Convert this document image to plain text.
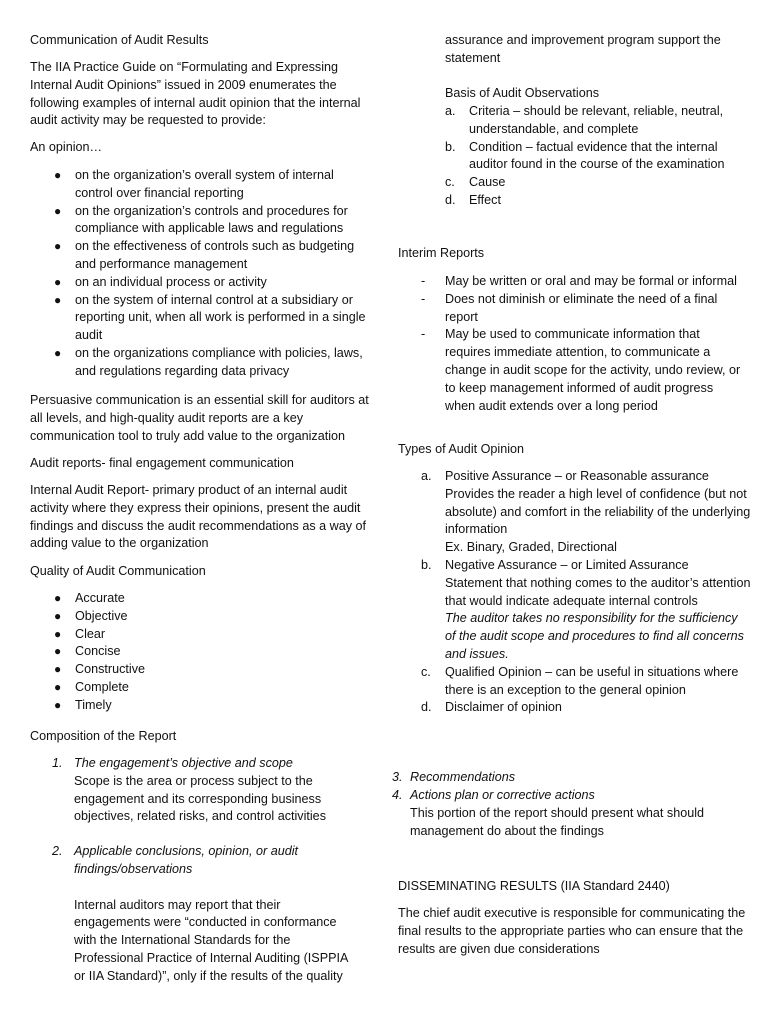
Communication of Audit Results

The IIA Practice Guide on “Formulating and Expressing Internal Audit Opinions” issued in 2009 enumerates the following examples of internal audit opinion that the internal audit activity may be requested to provide:

An opinion…

● on the organization’s overall system of internal control over financial reporting
● on the organization’s controls and procedures for compliance with applicable laws and regulations
● on the effectiveness of controls such as budgeting and performance management
● on an individual process or activity
● on the system of internal control at a subsidiary or reporting unit, when all work is performed in a single audit
● on the organizations compliance with policies, laws, and regulations regarding data privacy

Persuasive communication is an essential skill for auditors at all levels, and high-quality audit reports are a key communication tool to truly add value to the organization

Audit reports- final engagement communication

Internal Audit Report- primary product of an internal audit activity where they express their opinions, present the audit findings and discuss the audit recommendations as a way of adding value to the organization

Quality of Audit Communication

● Accurate
● Objective
● Clear
● Concise
● Constructive
● Complete
● Timely

Composition of the Report

1. The engagement’s objective and scope
Scope is the area or process subject to the engagement and its corresponding business objectives, related risks, and control activities
2. Applicable conclusions, opinion, or audit findings/observations
Internal auditors may report that their engagements were “conducted in conformance with the International Standards for the Professional Practice of Internal Auditing (ISPPIA or IIA Standard)”, only if the results of the quality

assurance and improvement program support the statement

Basis of Audit Observations

a. Criteria – should be relevant, reliable, neutral, understandable, and complete
b. Condition – factual evidence that the internal auditor found in the course of the examination
c. Cause
d. Effect

Interim Reports

- May be written or oral and may be formal or informal
- Does not diminish or eliminate the need of a final report
- May be used to communicate information that requires immediate attention, to communicate a change in audit scope for the activity, undo review, or to keep management informed of audit progress when audit extends over a long period

Types of Audit Opinion

a. Positive Assurance – or Reasonable assurance
Provides the reader a high level of confidence (but not absolute) and comfort in the reliability of the underlying information
Ex. Binary, Graded, Directional
b. Negative Assurance – or Limited Assurance
Statement that nothing comes to the auditor’s attention that would indicate adequate internal controls
The auditor takes no responsibility for the sufficiency of the audit scope and procedures to find all concerns and issues.
c. Qualified Opinion – can be useful in situations where there is an exception to the general opinion
d. Disclaimer of opinion
3. Recommendations
4. Actions plan or corrective actions
This portion of the report should present what should management do about the findings

DISSEMINATING RESULTS (IIA Standard 2440)

The chief audit executive is responsible for communicating the final results to the appropriate parties who can ensure that the results are given due considerations
